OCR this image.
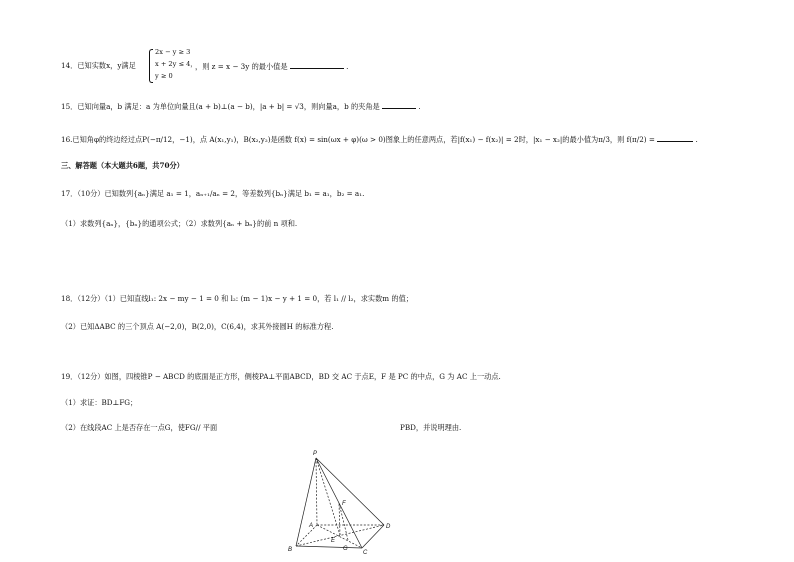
14．已知实数x，y满足
2x − y ≥ 3
x + 2y ≤ 4，
y ≥ 0
，则 z = x − 3y 的最小值是	.
15．已知向量a，b 满足：a 为单位向量且(a + b)⊥(a − b)，|a + b| = √3，则向量a，b 的夹角是	.
16.已知角φ的终边经过点P(−π/12，−1)，点 A(x₁,y₁)，B(x₂,y₂)是函数 f(x) = sin(ωx + φ)(ω > 0)图象上的任意两点，若|f(x₁) − f(x₂)| = 2时，|x₁ − x₂|的最小值为π/3，则 f(π/2) =	.
三、解答题（本大题共6题，共70分）
17．（10分）已知数列{aₙ}满足 a₁ = 1，aₙ₊₁/aₙ = 2，等差数列{bₙ}满足 b₁ = a₁，b₂ = a₁.
（1）求数列{aₙ}，{bₙ}的通项公式；（2）求数列{aₙ + bₙ}的前 n 项和.
18．（12分）（1）已知直线l₁: 2x − my − 1 = 0 和 l₂: (m − 1)x − y + 1 = 0，若 l₁ // l₂，求实数m 的值；
（2）已知ΔABC 的三个顶点 A(−2,0)，B(2,0)，C(6,4)，求其外接圆H 的标准方程.
19．（12分）如图，四棱锥P − ABCD 的底面是正方形，侧棱PA⊥平面ABCD，BD 交 AC 于点E，F 是 PC 的中点，G 为 AC 上一动点.
（1）求证：BD⊥FG；
（2）在线段AC 上是否存在一点G，使FG// 平面	PBD，并说明理由.
P
A
B	C
D
E
F
G
